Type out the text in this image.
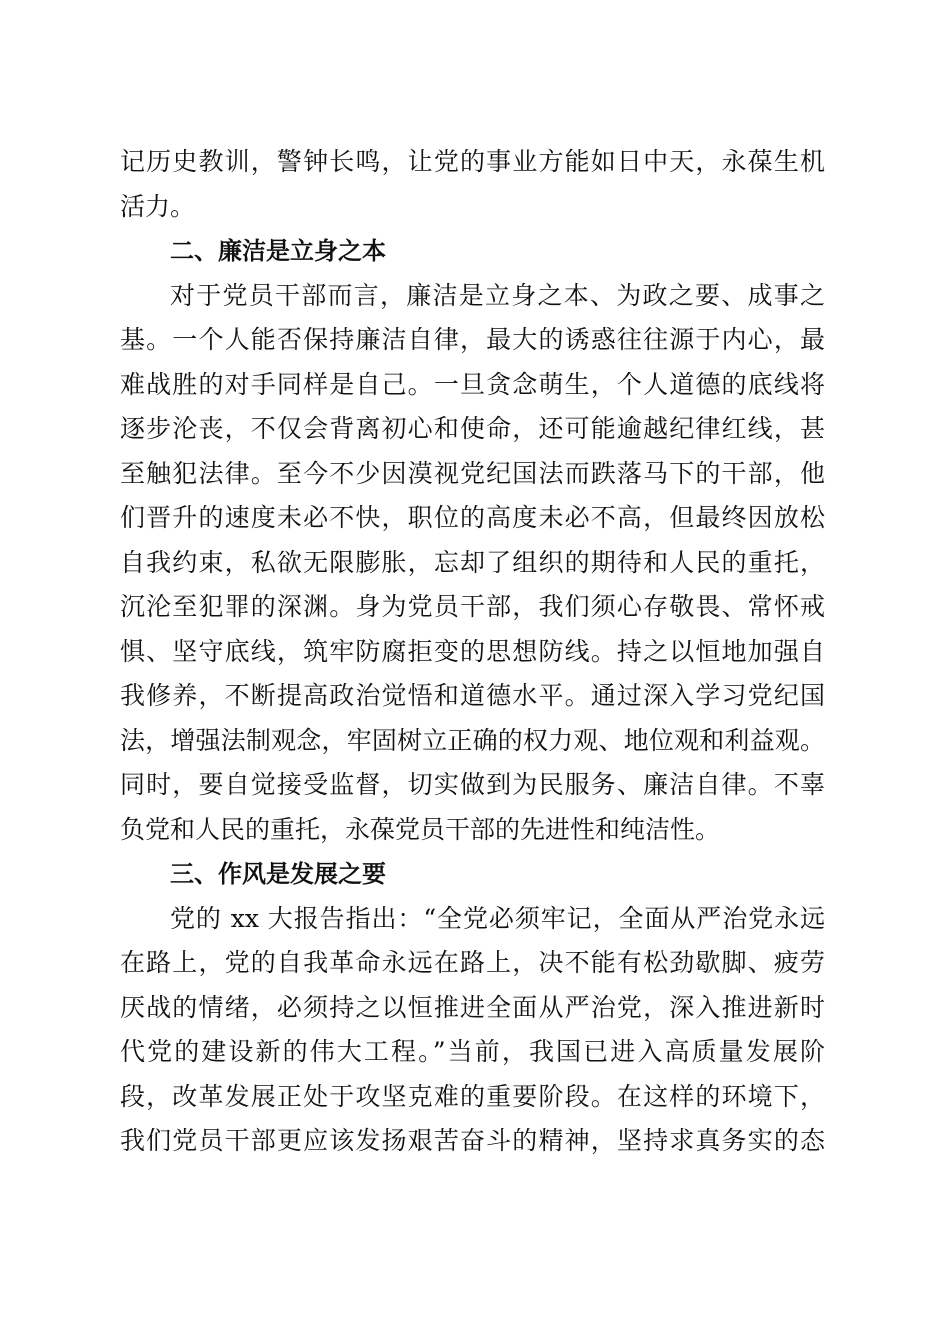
记历史教训，警钟长鸣，让党的事业方能如日中天，永葆生机
活力。
二、廉洁是立身之本
对于党员干部而言，廉洁是立身之本、为政之要、成事之
基。一个人能否保持廉洁自律，最大的诱惑往往源于内心，最
难战胜的对手同样是自己。一旦贪念萌生，个人道德的底线将
逐步沦丧，不仅会背离初心和使命，还可能逾越纪律红线，甚
至触犯法律。至今不少因漠视党纪国法而跌落马下的干部，他
们晋升的速度未必不快，职位的高度未必不高，但最终因放松
自我约束，私欲无限膨胀，忘却了组织的期待和人民的重托，
沉沦至犯罪的深渊。身为党员干部，我们须心存敬畏、常怀戒
惧、坚守底线，筑牢防腐拒变的思想防线。持之以恒地加强自
我修养，不断提高政治觉悟和道德水平。通过深入学习党纪国
法，增强法制观念，牢固树立正确的权力观、地位观和利益观。
同时，要自觉接受监督，切实做到为民服务、廉洁自律。不辜
负党和人民的重托，永葆党员干部的先进性和纯洁性。
三、作风是发展之要
党的 xx 大报告指出：“全党必须牢记，全面从严治党永远
在路上，党的自我革命永远在路上，决不能有松劲歇脚、疲劳
厌战的情绪，必须持之以恒推进全面从严治党，深入推进新时
代党的建设新的伟大工程。”当前，我国已进入高质量发展阶
段，改革发展正处于攻坚克难的重要阶段。在这样的环境下，
我们党员干部更应该发扬艰苦奋斗的精神，坚持求真务实的态
